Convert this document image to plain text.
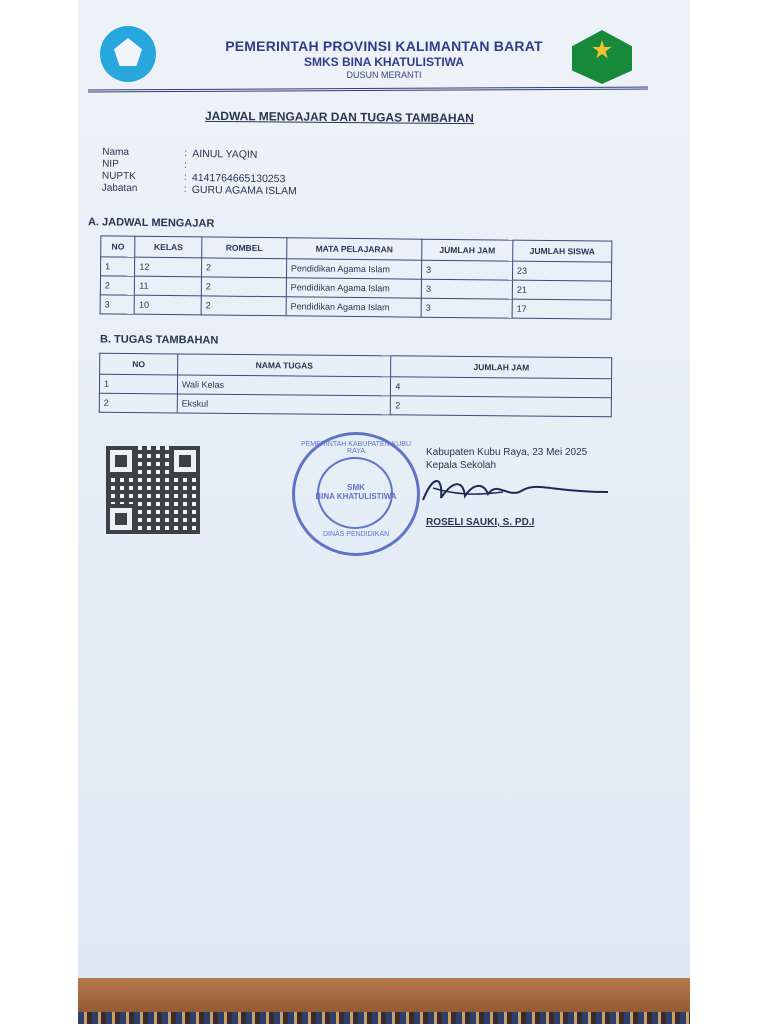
PEMERINTAH PROVINSI KALIMANTAN BARAT
SMKS BINA KHATULISTIWA
DUSUN MERANTI
JADWAL MENGAJAR DAN TUGAS TAMBAHAN
Nama	: AINUL YAQIN
NIP	:
NUPTK	: 4141764665130253
Jabatan	: GURU AGAMA ISLAM
A. JADWAL MENGAJAR
NO	KELAS	ROMBEL	MATA PELAJARAN	JUMLAH JAM	JUMLAH SISWA
1	12	2	Pendidikan Agama Islam	3	23
2	11	2	Pendidikan Agama Islam	3	21
3	10	2	Pendidikan Agama Islam	3	17
B. TUGAS TAMBAHAN
NO	NAMA TUGAS	JUMLAH JAM
1	Wali Kelas	4
2	Ekskul	2
PEMERINTAH KABUPATEN KUBU RAYA
SMK
BINA KHATULISTIWA
DINAS PENDIDIKAN
Kabupaten Kubu Raya, 23 Mei 2025
Kepala Sekolah
ROSELI SAUKI, S. PD.I
